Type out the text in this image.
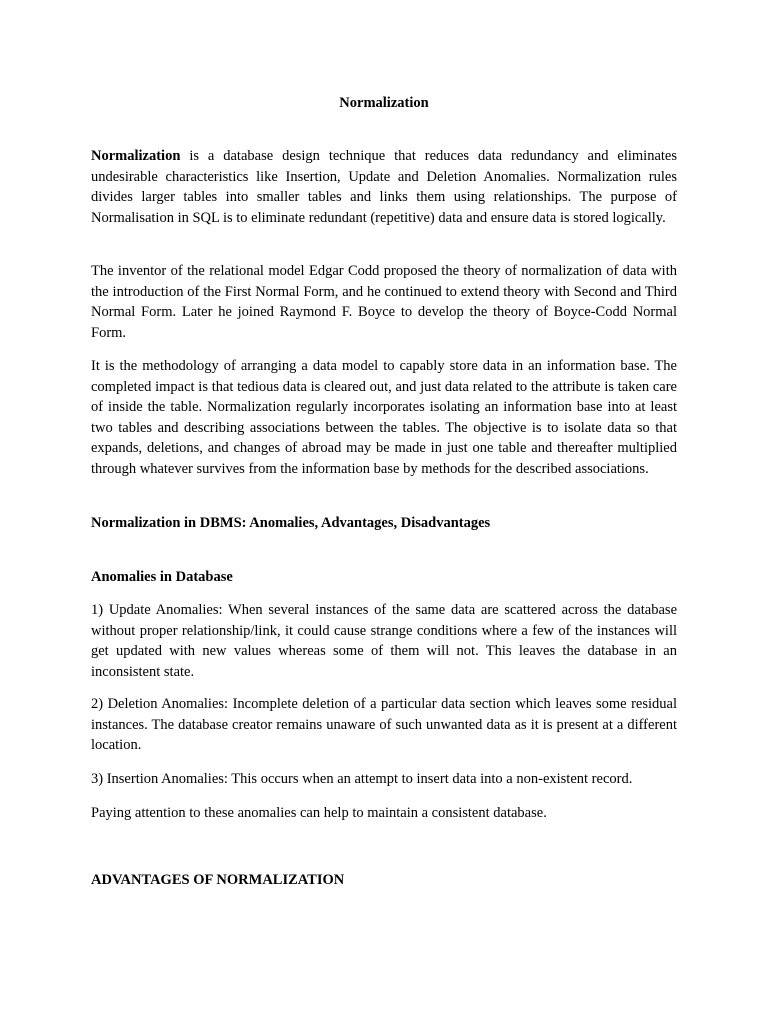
Normalization

Normalization is a database design technique that reduces data redundancy and eliminates undesirable characteristics like Insertion, Update and Deletion Anomalies. Normalization rules divides larger tables into smaller tables and links them using relationships. The purpose of Normalisation in SQL is to eliminate redundant (repetitive) data and ensure data is stored logically.

The inventor of the relational model Edgar Codd proposed the theory of normalization of data with the introduction of the First Normal Form, and he continued to extend theory with Second and Third Normal Form. Later he joined Raymond F. Boyce to develop the theory of Boyce-Codd Normal Form.

It is the methodology of arranging a data model to capably store data in an information base. The completed impact is that tedious data is cleared out, and just data related to the attribute is taken care of inside the table. Normalization regularly incorporates isolating an information base into at least two tables and describing associations between the tables. The objective is to isolate data so that expands, deletions, and changes of abroad may be made in just one table and thereafter multiplied through whatever survives from the information base by methods for the described associations.

Normalization in DBMS: Anomalies, Advantages, Disadvantages
Anomalies in Database

1) Update Anomalies: When several instances of the same data are scattered across the database without proper relationship/link, it could cause strange conditions where a few of the instances will get updated with new values whereas some of them will not. This leaves the database in an inconsistent state.

2) Deletion Anomalies: Incomplete deletion of a particular data section which leaves some residual instances. The database creator remains unaware of such unwanted data as it is present at a different location.

3) Insertion Anomalies: This occurs when an attempt to insert data into a non-existent record.

Paying attention to these anomalies can help to maintain a consistent database.

ADVANTAGES OF NORMALIZATION
